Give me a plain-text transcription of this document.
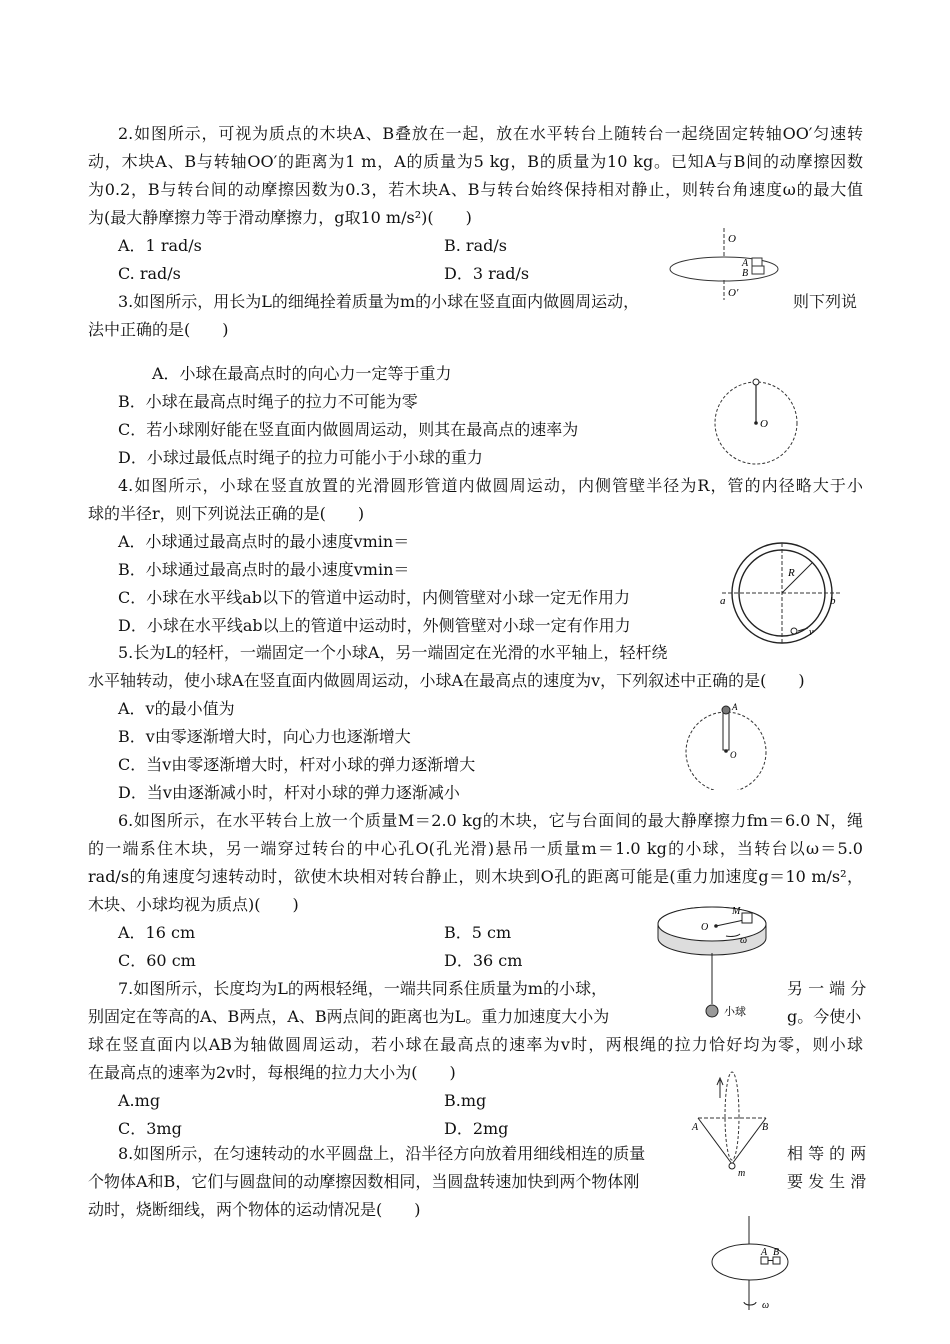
2.如图所示，可视为质点的木块A、B叠放在一起，放在水平转台上随转台一起绕固定转轴OO′匀速转
动，木块A、B与转轴OO′的距离为1 m，A的质量为5 kg，B的质量为10 kg。已知A与B间的动摩擦因数
为0.2，B与转台间的动摩擦因数为0.3，若木块A、B与转台始终保持相对静止，则转台角速度ω的最大值
为(最大静摩擦力等于滑动摩擦力，g取10 m/s²)(　　)
A．1 rad/s	B. rad/s
C. rad/s	D．3 rad/s
O
A
B
O′
3.如图所示，用长为L的细绳拴着质量为m的小球在竖直面内做圆周运动，	则下列说
法中正确的是(　　)
A．小球在最高点时的向心力一定等于重力
B．小球在最高点时绳子的拉力不可能为零
C．若小球刚好能在竖直面内做圆周运动，则其在最高点的速率为
D．小球过最低点时绳子的拉力可能小于小球的重力
O
4.如图所示，小球在竖直放置的光滑圆形管道内做圆周运动，内侧管壁半径为R，管的内径略大于小
球的半径r，则下列说法正确的是(　　)
A．小球通过最高点时的最小速度vmin＝
B．小球通过最高点时的最小速度vmin＝
C．小球在水平线ab以下的管道中运动时，内侧管壁对小球一定无作用力
D．小球在水平线ab以上的管道中运动时，外侧管壁对小球一定有作用力
R
a	b
v
5.长为L的轻杆，一端固定一个小球A，另一端固定在光滑的水平轴上，轻杆绕
水平轴转动，使小球A在竖直面内做圆周运动，小球A在最高点的速度为v，下列叙述中正确的是(　　)
A．v的最小值为
B．v由零逐渐增大时，向心力也逐渐增大
C．当v由零逐渐增大时，杆对小球的弹力逐渐增大
D．当v由逐渐减小时，杆对小球的弹力逐渐减小
A
O
6.如图所示，在水平转台上放一个质量M＝2.0 kg的木块，它与台面间的最大静摩擦力fm＝6.0 N，绳
的一端系住木块，另一端穿过转台的中心孔O(孔光滑)悬吊一质量m＝1.0 kg的小球，当转台以ω＝5.0
rad/s的角速度匀速转动时，欲使木块相对转台静止，则木块到O孔的距离可能是(重力加速度g＝10 m/s²，
木块、小球均视为质点)(　　)
A．16 cm	B．5 cm
C．60 cm	D．36 cm
M
O
ω
小球
7.如图所示，长度均为L的两根轻绳，一端共同系住质量为m的小球，	另 一 端 分
别固定在等高的A、B两点，A、B两点间的距离也为L。重力加速度大小为	g。今使小
球在竖直面内以AB为轴做圆周运动，若小球在最高点的速率为v时，两根绳的拉力恰好均为零，则小球
在最高点的速率为2v时，每根绳的拉力大小为(　　)
A.mg	B.mg
C．3mg	D．2mg	A	B
m
8.如图所示，在匀速转动的水平圆盘上，沿半径方向放着用细线相连的质量	相 等 的 两
个物体A和B，它们与圆盘间的动摩擦因数相同，当圆盘转速加快到两个物体刚	要 发 生 滑
动时，烧断细线，两个物体的运动情况是(　　)
A B
ω
